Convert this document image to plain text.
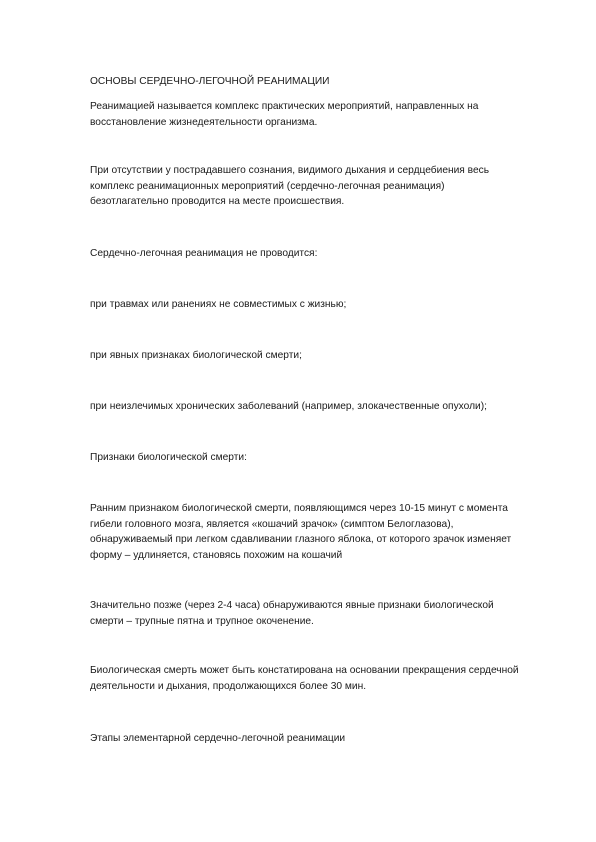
ОСНОВЫ СЕРДЕЧНО-ЛЕГОЧНОЙ РЕАНИМАЦИИ

Реанимацией называется комплекс практических мероприятий, направленных на восстановление жизнедеятельности организма.

При отсутствии у пострадавшего сознания, видимого дыхания и сердцебиения весь комплекс реанимационных мероприятий (сердечно-легочная реанимация) безотлагательно проводится на месте происшествия.

Сердечно-легочная реанимация не проводится:

при травмах или ранениях не совместимых с жизнью;

при явных признаках биологической смерти;

при неизлечимых хронических заболеваний (например, злокачественные опухоли);

Признаки биологической смерти:

Ранним признаком биологической смерти, появляющимся через 10-15 минут с момента гибели головного мозга, является «кошачий зрачок» (симптом Белоглазова), обнаруживаемый при легком сдавливании глазного яблока, от которого зрачок изменяет форму – удлиняется, становясь похожим на кошачий

Значительно позже (через 2-4 часа) обнаруживаются явные признаки биологической смерти – трупные пятна и трупное окоченение.

Биологическая смерть может быть констатирована на основании прекращения сердечной деятельности и дыхания, продолжающихся более 30 мин.

Этапы элементарной сердечно-легочной реанимации
